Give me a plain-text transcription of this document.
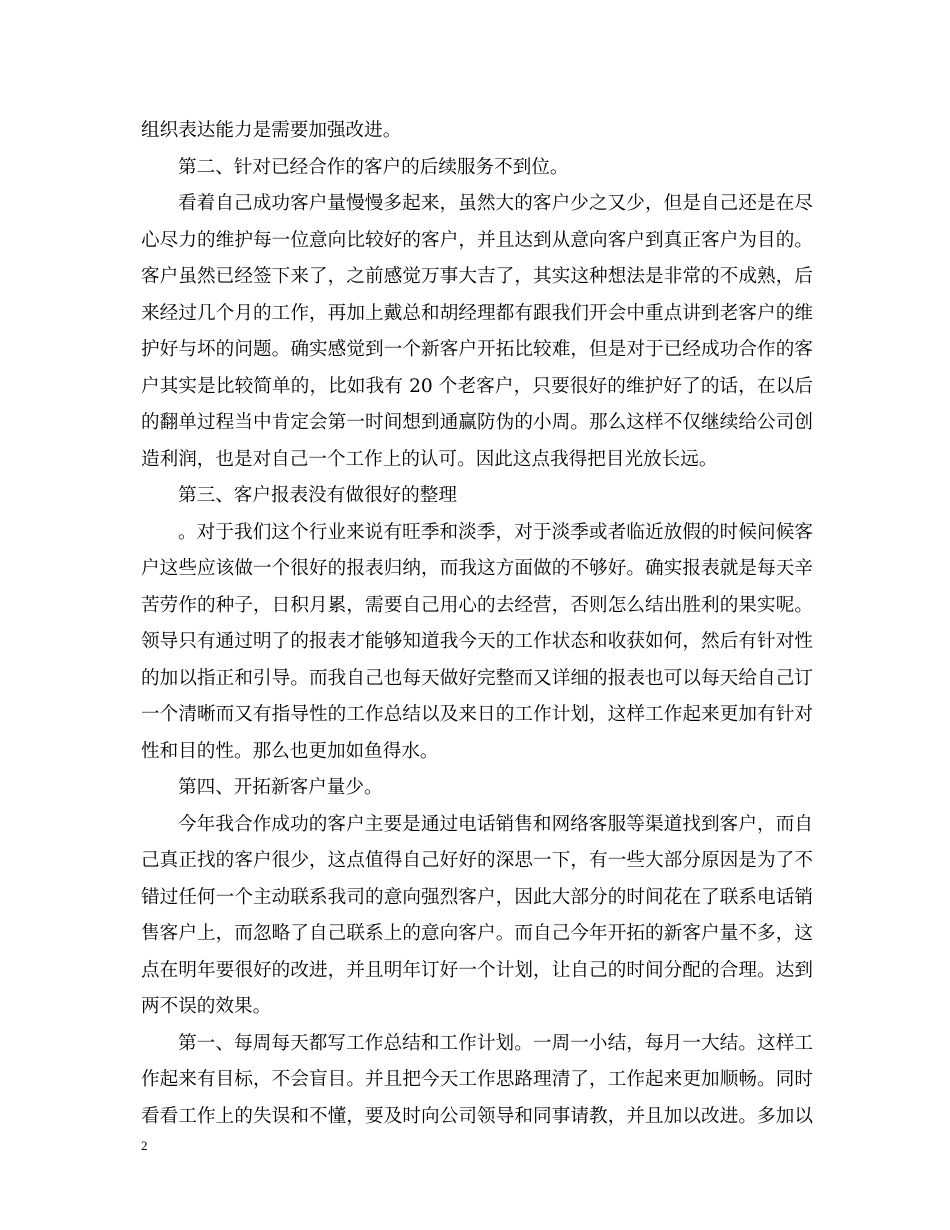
组织表达能力是需要加强改进。
第二、针对已经合作的客户的后续服务不到位。
看着自己成功客户量慢慢多起来，虽然大的客户少之又少，但是自己还是在尽
心尽力的维护每一位意向比较好的客户，并且达到从意向客户到真正客户为目的。
客户虽然已经签下来了，之前感觉万事大吉了，其实这种想法是非常的不成熟，后
来经过几个月的工作，再加上戴总和胡经理都有跟我们开会中重点讲到老客户的维
护好与坏的问题。确实感觉到一个新客户开拓比较难，但是对于已经成功合作的客
户其实是比较简单的，比如我有 20 个老客户，只要很好的维护好了的话，在以后
的翻单过程当中肯定会第一时间想到通赢防伪的小周。那么这样不仅继续给公司创
造利润，也是对自己一个工作上的认可。因此这点我得把目光放长远。
第三、客户报表没有做很好的整理
。对于我们这个行业来说有旺季和淡季，对于淡季或者临近放假的时候问候客
户这些应该做一个很好的报表归纳，而我这方面做的不够好。确实报表就是每天辛
苦劳作的种子，日积月累，需要自己用心的去经营，否则怎么结出胜利的果实呢。
领导只有通过明了的报表才能够知道我今天的工作状态和收获如何，然后有针对性
的加以指正和引导。而我自己也每天做好完整而又详细的报表也可以每天给自己订
一个清晰而又有指导性的工作总结以及来日的工作计划，这样工作起来更加有针对
性和目的性。那么也更加如鱼得水。
第四、开拓新客户量少。
今年我合作成功的客户主要是通过电话销售和网络客服等渠道找到客户，而自
己真正找的客户很少，这点值得自己好好的深思一下，有一些大部分原因是为了不
错过任何一个主动联系我司的意向强烈客户，因此大部分的时间花在了联系电话销
售客户上，而忽略了自己联系上的意向客户。而自己今年开拓的新客户量不多，这
点在明年要很好的改进，并且明年订好一个计划，让自己的时间分配的合理。达到
两不误的效果。
第一、每周每天都写工作总结和工作计划。一周一小结，每月一大结。这样工
作起来有目标，不会盲目。并且把今天工作思路理清了，工作起来更加顺畅。同时
看看工作上的失误和不懂，要及时向公司领导和同事请教，并且加以改进。多加以
2
